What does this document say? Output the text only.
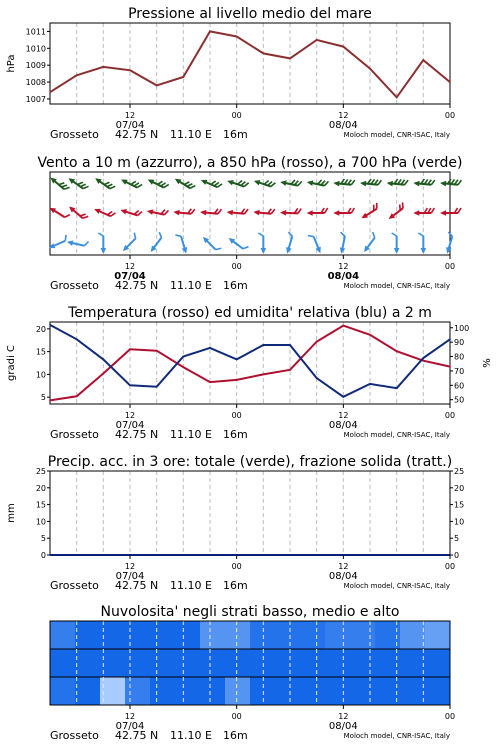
1007
1008
1009
1010
1011
Pressione al livello medio del mare
hPa
12	00	12	00
07/04	08/04
Grosseto 42.75 N 11.10 E 16m	Moloch model, CNR-ISAC, Italy
Vento a 10 m (azzurro), a 850 hPa (rosso), a 700 hPa (verde)
12	00	12	00
07/04	08/04
Grosseto 42.75 N 11.10 E 16m	Moloch model, CNR-ISAC, Italy
5
10
15
20
50
60
70
80
90
100
Temperatura (rosso) ed umidita' relativa (blu) a 2 m
gradi C	%
12	00	12	00
07/04	08/04
Grosseto 42.75 N 11.10 E 16m	Moloch model, CNR-ISAC, Italy
0
5
10
15
20
25
0
5
10
15
20
25
Precip. acc. in 3 ore: totale (verde), frazione solida (tratt.)
mm
12	00	12	00
07/04	08/04
Grosseto 42.75 N 11.10 E 16m	Moloch model, CNR-ISAC, Italy
Nuvolosita' negli strati basso, medio e alto
12	00	12	00
07/04	08/04
Grosseto 42.75 N 11.10 E 16m	Moloch model, CNR-ISAC, Italy
